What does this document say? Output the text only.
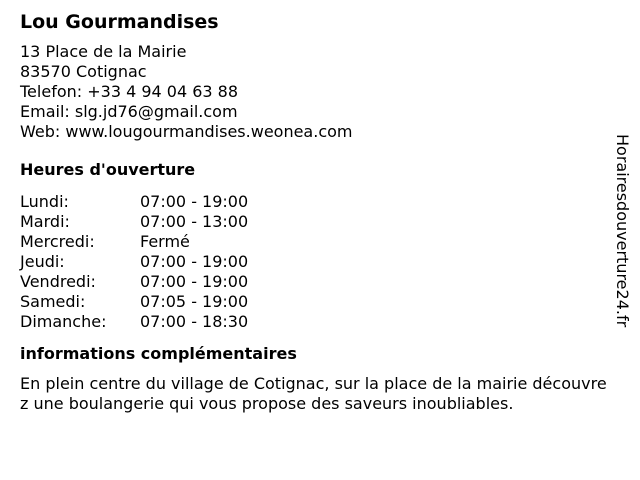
Lou Gourmandises
13 Place de la Mairie
83570 Cotignac
Telefon: +33 4 94 04 63 88
Email: slg.jd76@gmail.com
Web: www.lougourmandises.weonea.com
Heures d'ouverture
Lundi:	07:00 - 19:00
Mardi:	07:00 - 13:00
Mercredi:	Fermé
Jeudi:	07:00 - 19:00
Vendredi:	07:00 - 19:00
Samedi:	07:05 - 19:00
Dimanche:	07:00 - 18:30
informations complémentaires
En plein centre du village de Cotignac, sur la place de la mairie découvrez une boulangerie qui vous propose des saveurs inoubliables.
Horairesdouverture24.fr
